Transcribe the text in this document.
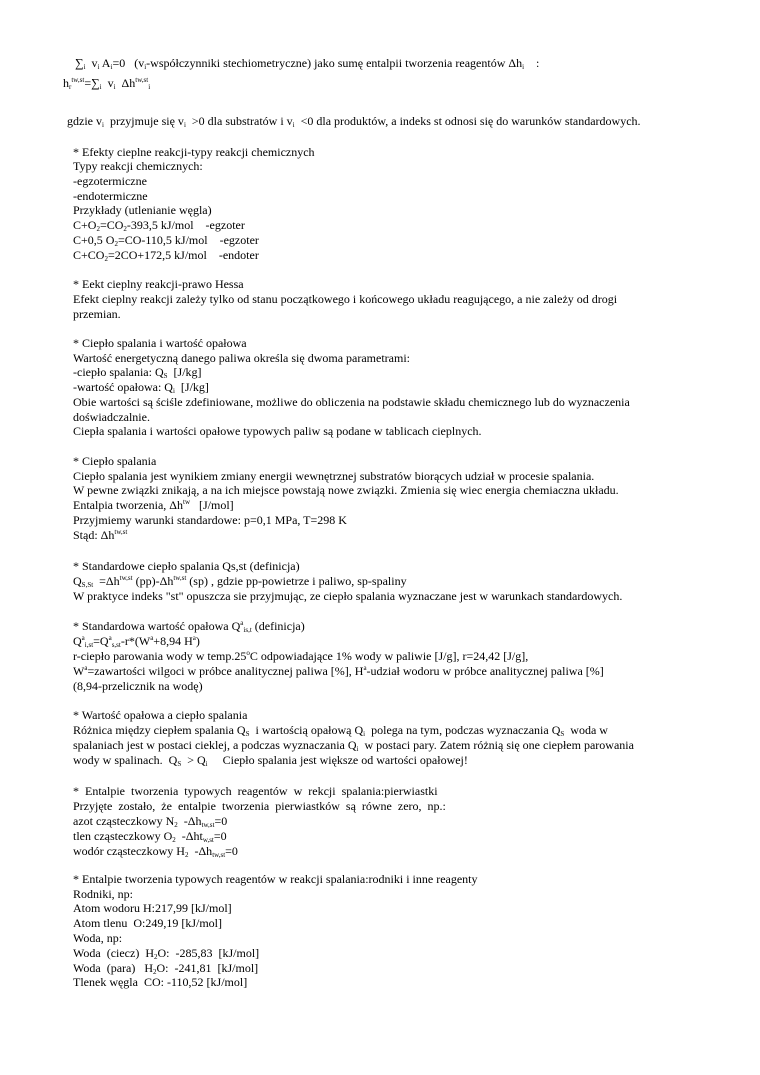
$\sum_i$  $v_i$ $A_i=0$   ($v_i$-współczynniki stechiometryczne) jako sumę entalpii tworzenia reagentów $\Delta h_i$    :
$h_r^{tw,st}=\sum_i$  $v_i$  $\Delta h^{tw,st}_i$
gdzie $v_i$  przyjmuje się $v_i >0$ dla substratów i $v_i <0$ dla produktów, a indeks st odnosi się do warunków standardowych.
* Efekty cieplne reakcji-typy reakcji chemicznych
Typy reakcji chemicznych:
-egzotermiczne
-endotermiczne
Przykłady (utlenianie węgla)
$C+O_2=CO_2-393,5$ kJ/mol    -egzoter
C+0,5 $O_2=CO-110,5$ kJ/mol    -egzoter
$C+CO_2=2CO+172,5$ kJ/mol    -endoter
* Eekt cieplny reakcji-prawo Hessa
Efekt cieplny reakcji zależy tylko od stanu początkowego i końcowego układu reagującego, a nie zależy od drogi
przemian.
* Ciepło spalania i wartość opałowa
Wartość energetyczną danego paliwa określa się dwoma parametrami:
-ciepło spalania: $Q_S$  [J/kg]
-wartość opałowa: $Q_i$  [J/kg]
Obie wartości są ściśle zdefiniowane, możliwe do obliczenia na podstawie składu chemicznego lub do wyznaczenia
doświadczalnie.
Ciepła spalania i wartości opałowe typowych paliw są podane w tablicach cieplnych.
* Ciepło spalania
Ciepło spalania jest wynikiem zmiany energii wewnętrznej substratów biorących udział w procesie spalania.
W pewne związki znikają, a na ich miejsce powstają nowe związki. Zmienia się wiec energia chemiaczna układu.
Entalpia tworzenia, $\Delta h^{tw}$   [J/mol]
Przyjmiemy warunki standardowe: p=0,1 MPa, T=298 K
Stąd: $\Delta h^{tw,st}$
* Standardowe ciepło spalania Qs,st (definicja)
$Q_{S,St} =\Delta h^{tw,st}$ $(pp)-\Delta h^{tw,st}$ (sp) , gdzie pp-powietrze i paliwo, sp-spaliny
W praktyce indeks "st" opuszcza sie przyjmując, ze ciepło spalania wyznaczane jest w warunkach standardowych.
* Standardowa wartość opałowa $Q^a_{is,t}$ (definicja)
$Q^a_{i,st}=Q^a_{s,st}-r*(W^a+8,94$ $H^a$)
r-ciepło parowania wody w temp.25$^o$C odpowiadające 1% wody w paliwie [J/g], r=24,42 [J/g],
$W^a=zawartości$ wilgoci w próbce analitycznej paliwa [%], $H^a$-udział wodoru w próbce analitycznej paliwa [%]
(8,94-przelicznik na wodę)
* Wartość opałowa a ciepło spalania
Różnica między ciepłem spalania $Q_S$  i wartością opałową $Q_i$  polega na tym, podczas wyznaczania $Q_S$  woda w
spalaniach jest w postaci cieklej, a podczas wyznaczania $Q_i$  w postaci pary. Zatem różnią się one ciepłem parowania
wody w spalinach.  $Q_S > Q_i$     Ciepło spalania jest większe od wartości opałowej!
*  Entalpie  tworzenia  typowych  reagentów  w  rekcji  spalania:pierwiastki
Przyjęte  zostało,  że  entalpie  tworzenia  pierwiastków  są  równe  zero,  np.:
azot cząsteczkowy $N_2$  $-\Delta h_{tw,st}=0$
tlen cząsteczkowy $O_2$  -Δht$_{w,st}$=0
wodór cząsteczkowy $H_2$  $-\Delta h_{tw,st}=0$
* Entalpie tworzenia typowych reagentów w reakcji spalania:rodniki i inne reagenty
Rodniki, np:
Atom wodoru H:217,99 [kJ/mol]
Atom tlenu  O:249,19 [kJ/mol]
Woda, np:
Woda  (ciecz)  $H_2O$:  -285,83  [kJ/mol]
Woda  (para)   $H_2O$:  -241,81  [kJ/mol]
Tlenek węgla  CO: -110,52 [kJ/mol]
